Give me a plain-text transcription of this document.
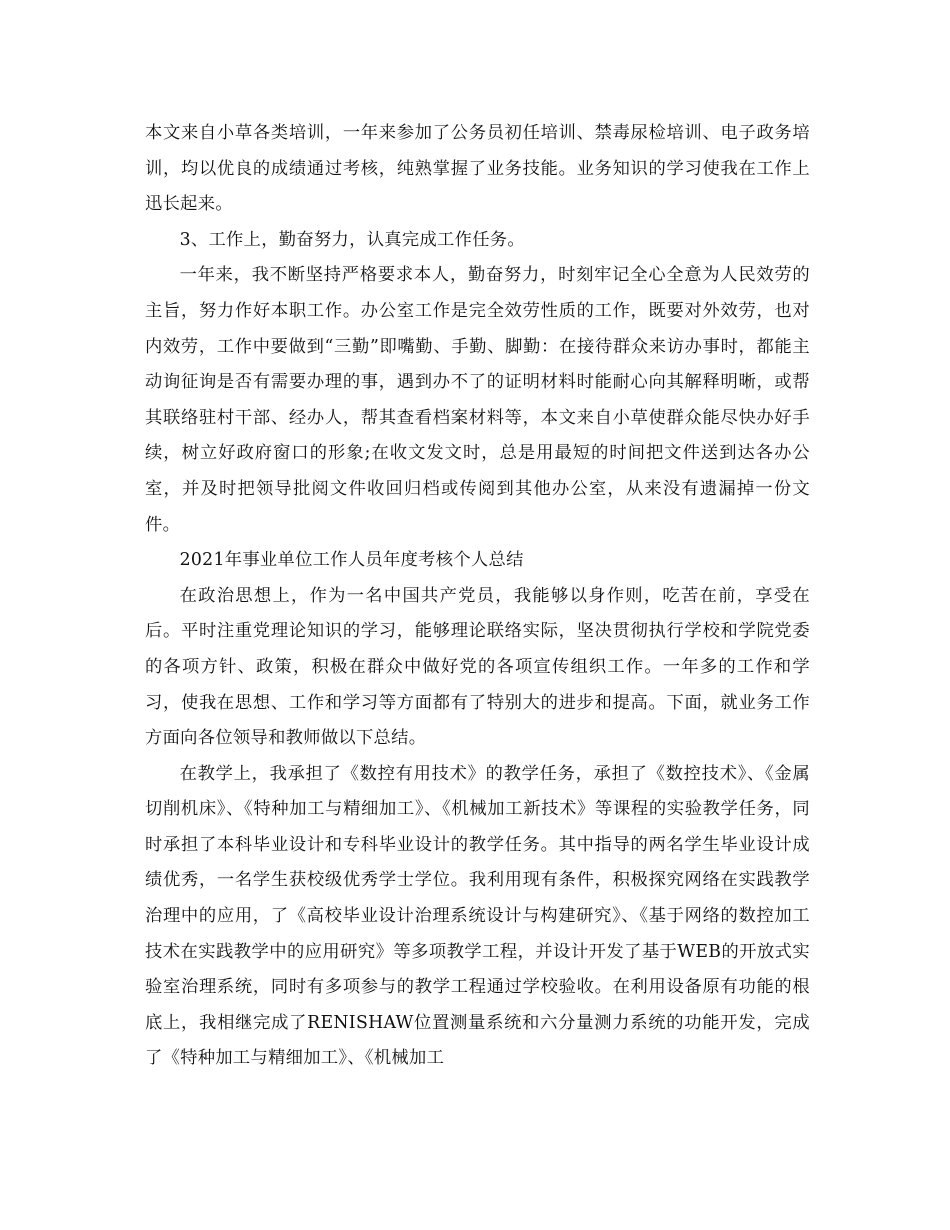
本文来自小草各类培训，一年来参加了公务员初任培训、禁毒尿检培训、电子政务培训，均以优良的成绩通过考核，纯熟掌握了业务技能。业务知识的学习使我在工作上迅长起来。

3、工作上，勤奋努力，认真完成工作任务。

一年来，我不断坚持严格要求本人，勤奋努力，时刻牢记全心全意为人民效劳的主旨，努力作好本职工作。办公室工作是完全效劳性质的工作，既要对外效劳，也对内效劳，工作中要做到“三勤”即嘴勤、手勤、脚勤：在接待群众来访办事时，都能主动询征询是否有需要办理的事，遇到办不了的证明材料时能耐心向其解释明晰，或帮其联络驻村干部、经办人，帮其查看档案材料等，本文来自小草使群众能尽快办好手续，树立好政府窗口的形象;在收文发文时，总是用最短的时间把文件送到达各办公室，并及时把领导批阅文件收回归档或传阅到其他办公室，从来没有遗漏掉一份文件。

2021年事业单位工作人员年度考核个人总结

在政治思想上，作为一名中国共产党员，我能够以身作则，吃苦在前，享受在后。平时注重党理论知识的学习，能够理论联络实际，坚决贯彻执行学校和学院党委的各项方针、政策，积极在群众中做好党的各项宣传组织工作。一年多的工作和学习，使我在思想、工作和学习等方面都有了特别大的进步和提高。下面，就业务工作方面向各位领导和教师做以下总结。

在教学上，我承担了《数控有用技术》的教学任务，承担了《数控技术》、《金属切削机床》、《特种加工与精细加工》、《机械加工新技术》等课程的实验教学任务，同时承担了本科毕业设计和专科毕业设计的教学任务。其中指导的两名学生毕业设计成绩优秀，一名学生获校级优秀学士学位。我利用现有条件，积极探究网络在实践教学治理中的应用，了《高校毕业设计治理系统设计与构建研究》、《基于网络的数控加工技术在实践教学中的应用研究》等多项教学工程，并设计开发了基于WEB的开放式实验室治理系统，同时有多项参与的教学工程通过学校验收。在利用设备原有功能的根底上，我相继完成了RENISHAW位置测量系统和六分量测力系统的功能开发，完成了《特种加工与精细加工》、《机械加工
